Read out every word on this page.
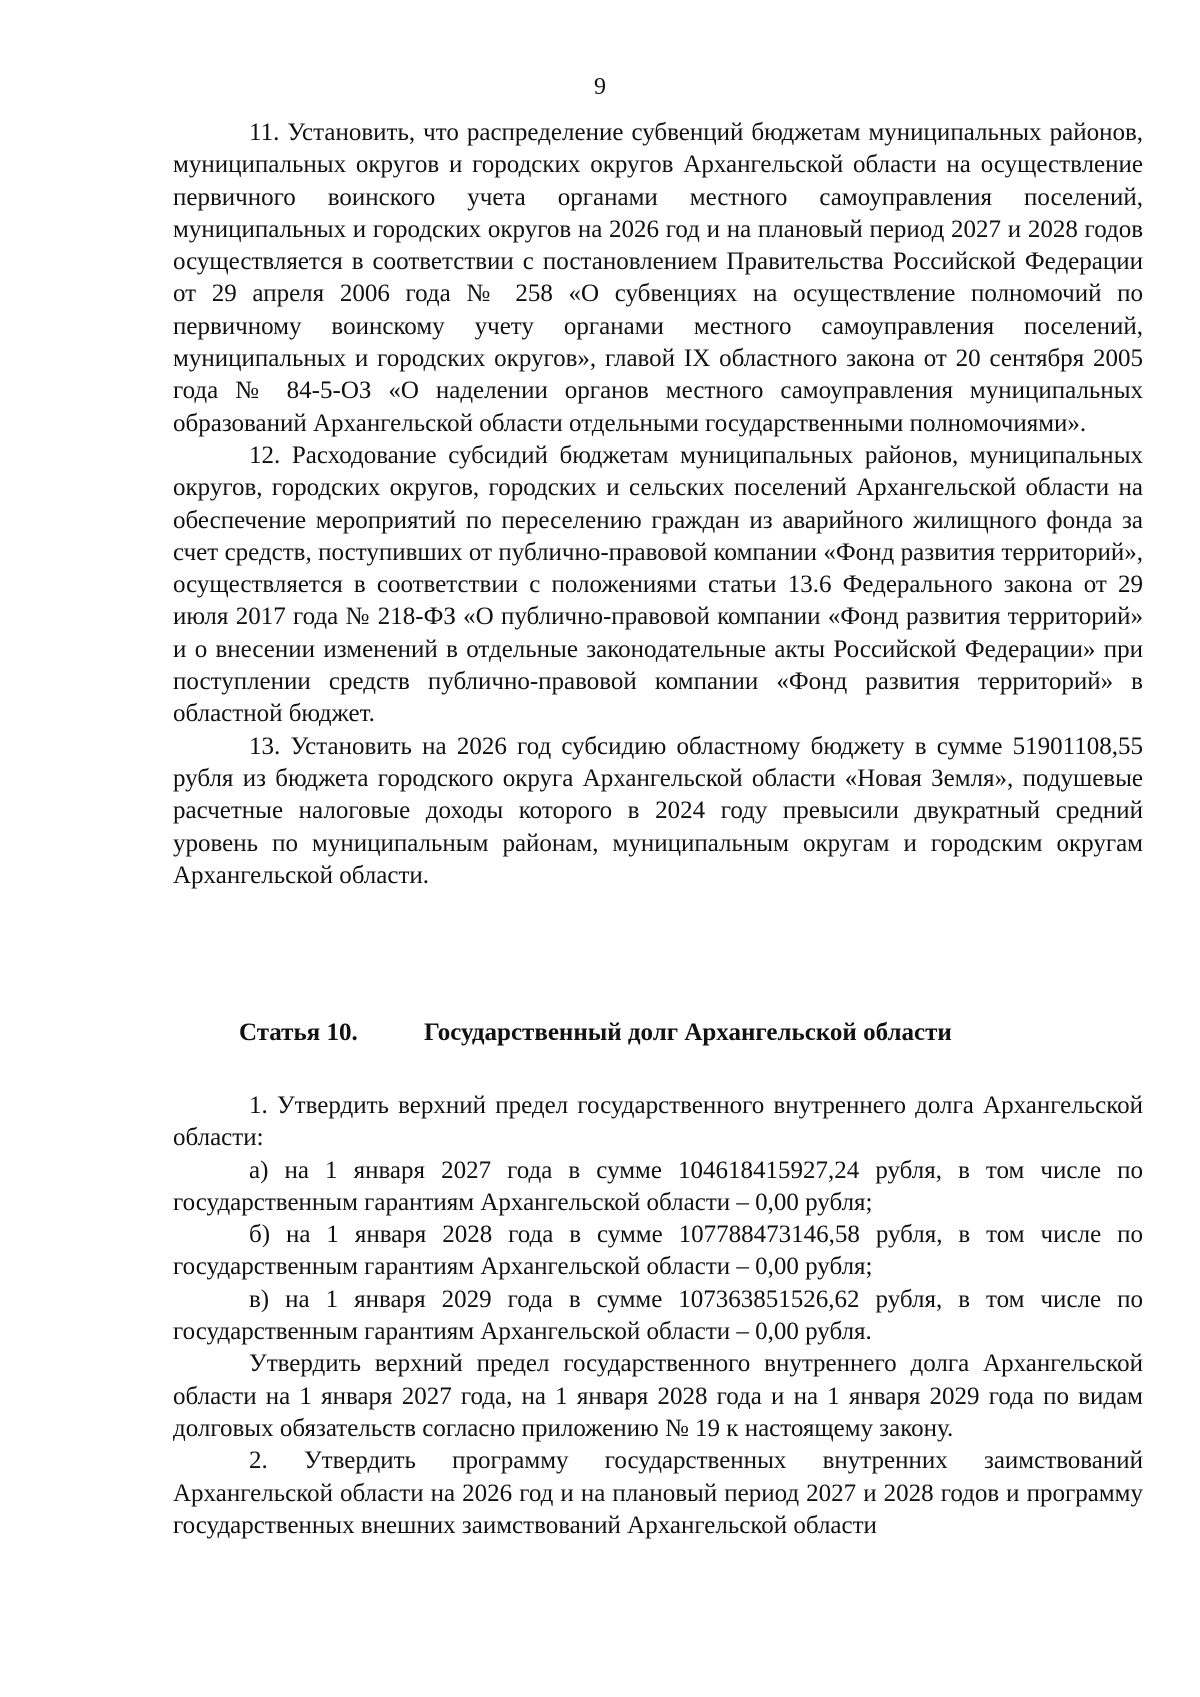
9

11. Установить, что распределение субвенций бюджетам муниципальных районов, муниципальных округов и городских округов Архангельской области на осуществление первичного воинского учета органами местного самоуправления поселений, муниципальных и городских округов на 2026 год и на плановый период 2027 и 2028 годов осуществляется в соответствии с постановлением Правительства Российской Федерации от 29 апреля 2006 года № 258 «О субвенциях на осуществление полномочий по первичному воинскому учету органами местного самоуправления поселений, муниципальных и городских округов», главой IX областного закона от 20 сентября 2005 года № 84-5-ОЗ «О наделении органов местного самоуправления муниципальных образований Архангельской области отдельными государственными полномочиями».

12. Расходование субсидий бюджетам муниципальных районов, муниципальных округов, городских округов, городских и сельских поселений Архангельской области на обеспечение мероприятий по переселению граждан из аварийного жилищного фонда за счет средств, поступивших от публично-правовой компании «Фонд развития территорий», осуществляется в соответствии с положениями статьи 13.6 Федерального закона от 29 июля 2017 года № 218-ФЗ «О публично-правовой компании «Фонд развития территорий» и о внесении изменений в отдельные законодательные акты Российской Федерации» при поступлении средств публично-правовой компании «Фонд развития территорий» в областной бюджет.

13. Установить на 2026 год субсидию областному бюджету в сумме 51901108,55 рубля из бюджета городского округа Архангельской области «Новая Земля», подушевые расчетные налоговые доходы которого в 2024 году превысили двукратный средний уровень по муниципальным районам, муниципальным округам и городским округам Архангельской области.

Статья 10.	Государственный долг Архангельской области

1. Утвердить верхний предел государственного внутреннего долга Архангельской области:

а) на 1 января 2027 года в сумме 104618415927,24 рубля, в том числе по государственным гарантиям Архангельской области – 0,00 рубля;

б) на 1 января 2028 года в сумме 107788473146,58 рубля, в том числе по государственным гарантиям Архангельской области – 0,00 рубля;

в) на 1 января 2029 года в сумме 107363851526,62 рубля, в том числе по государственным гарантиям Архангельской области – 0,00 рубля.

Утвердить верхний предел государственного внутреннего долга Архангельской области на 1 января 2027 года, на 1 января 2028 года и на 1 января 2029 года по видам долговых обязательств согласно приложению № 19 к настоящему закону.

2. Утвердить программу государственных внутренних заимствований Архангельской области на 2026 год и на плановый период 2027 и 2028 годов и программу государственных внешних заимствований Архангельской области
